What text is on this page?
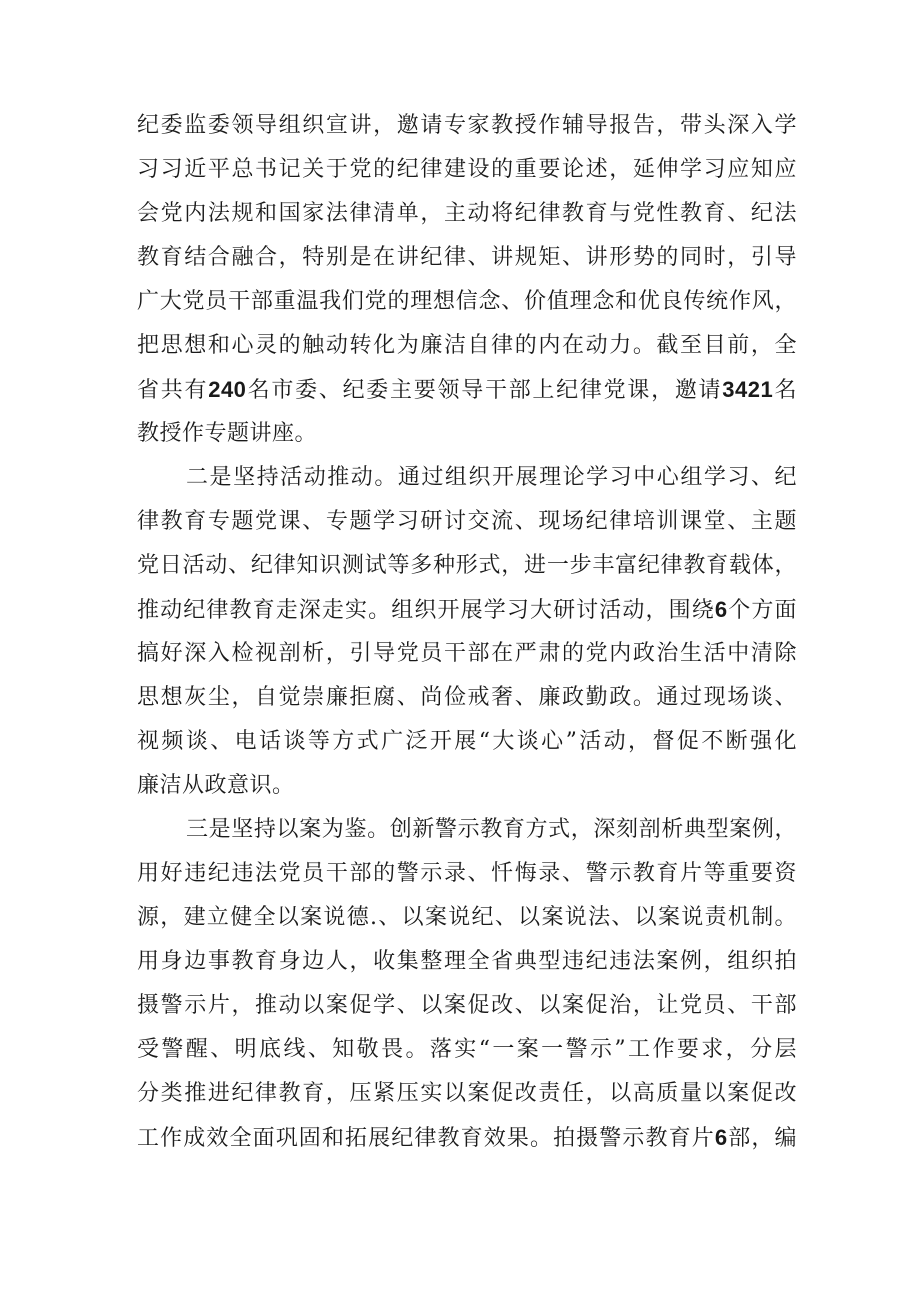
纪委监委领导组织宣讲，邀请专家教授作辅导报告，带头深入学
习习近平总书记关于党的纪律建设的重要论述，延伸学习应知应
会党内法规和国家法律清单，主动将纪律教育与党性教育、纪法
教育结合融合，特别是在讲纪律、讲规矩、讲形势的同时，引导
广大党员干部重温我们党的理想信念、价值理念和优良传统作风，
把思想和心灵的触动转化为廉洁自律的内在动力。截至目前，全
省共有240名市委、纪委主要领导干部上纪律党课，邀请3421名
教授作专题讲座。
二是坚持活动推动。通过组织开展理论学习中心组学习、纪
律教育专题党课、专题学习研讨交流、现场纪律培训课堂、主题
党日活动、纪律知识测试等多种形式，进一步丰富纪律教育载体，
推动纪律教育走深走实。组织开展学习大研讨活动，围绕6个方面
搞好深入检视剖析，引导党员干部在严肃的党内政治生活中清除
思想灰尘，自觉崇廉拒腐、尚俭戒奢、廉政勤政。通过现场谈、
视频谈、电话谈等方式广泛开展“大谈心”活动，督促不断强化
廉洁从政意识。
三是坚持以案为鉴。创新警示教育方式，深刻剖析典型案例，
用好违纪违法党员干部的警示录、忏悔录、警示教育片等重要资
源，建立健全以案说德.、以案说纪、以案说法、以案说责机制。
用身边事教育身边人，收集整理全省典型违纪违法案例，组织拍
摄警示片，推动以案促学、以案促改、以案促治，让党员、干部
受警醒、明底线、知敬畏。落实“一案一警示”工作要求，分层
分类推进纪律教育，压紧压实以案促改责任，以高质量以案促改
工作成效全面巩固和拓展纪律教育效果。拍摄警示教育片6部，编
